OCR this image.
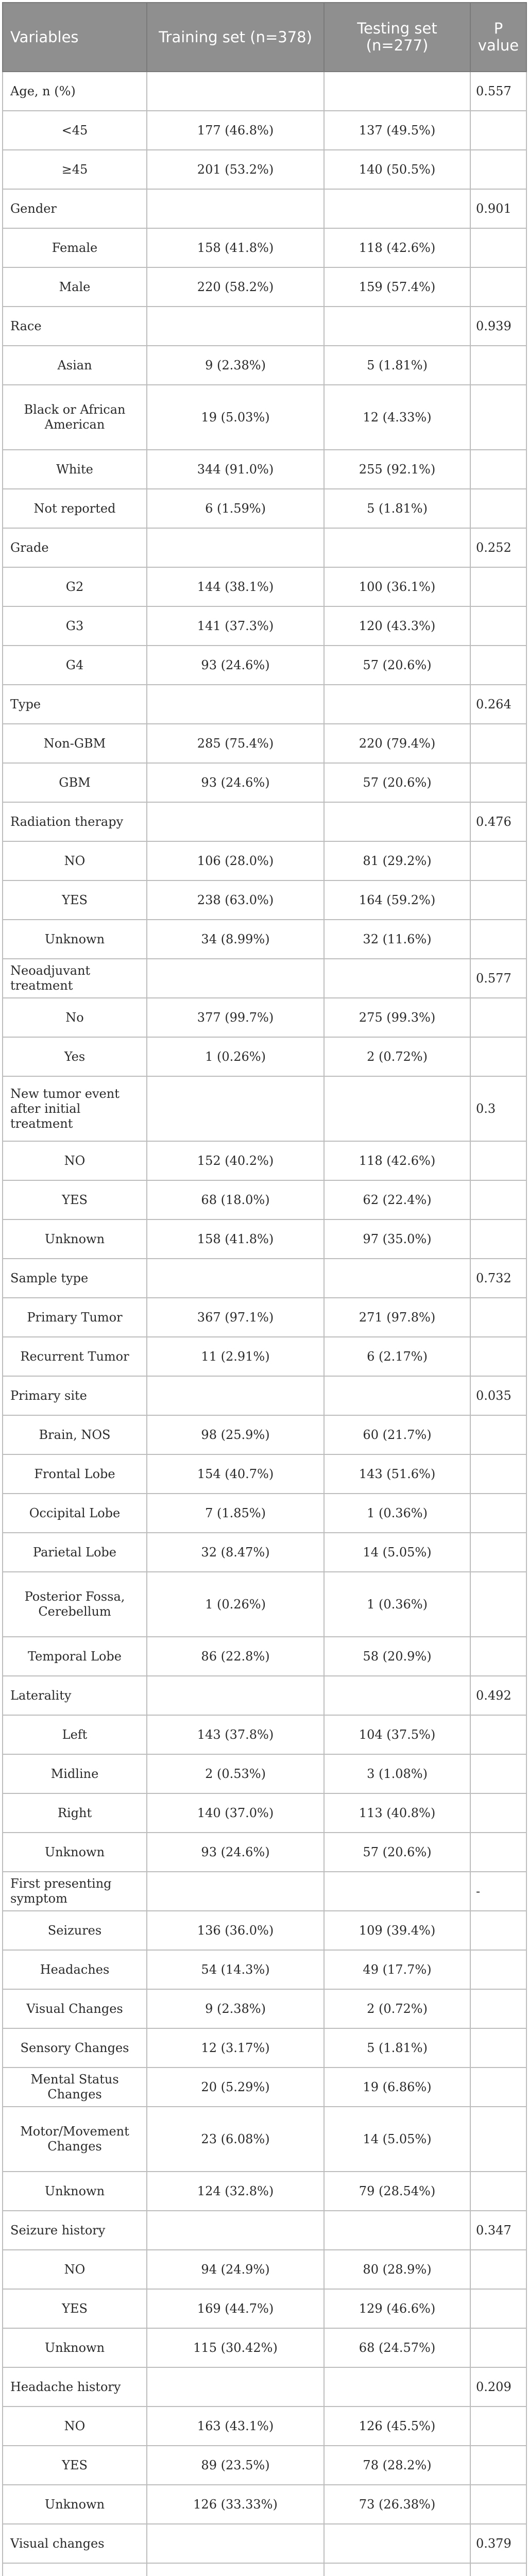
Variables	Training set (n=378)	Testing set (n=277)	P value
Age, n (%)			0.557
<45	177 (46.8%)	137 (49.5%)	
≥45	201 (53.2%)	140 (50.5%)	
Gender			0.901
Female	158 (41.8%)	118 (42.6%)	
Male	220 (58.2%)	159 (57.4%)	
Race			0.939
Asian	9 (2.38%)	5 (1.81%)	
Black or African American	19 (5.03%)	12 (4.33%)	
White	344 (91.0%)	255 (92.1%)	
Not reported	6 (1.59%)	5 (1.81%)	
Grade			0.252
G2	144 (38.1%)	100 (36.1%)	
G3	141 (37.3%)	120 (43.3%)	
G4	93 (24.6%)	57 (20.6%)	
Type			0.264
Non-GBM	285 (75.4%)	220 (79.4%)	
GBM	93 (24.6%)	57 (20.6%)	
Radiation therapy			0.476
NO	106 (28.0%)	81 (29.2%)	
YES	238 (63.0%)	164 (59.2%)	
Unknown	34 (8.99%)	32 (11.6%)	
Neoadjuvant treatment			0.577
No	377 (99.7%)	275 (99.3%)	
Yes	1 (0.26%)	2 (0.72%)	
New tumor event after initial treatment			0.3
NO	152 (40.2%)	118 (42.6%)	
YES	68 (18.0%)	62 (22.4%)	
Unknown	158 (41.8%)	97 (35.0%)	
Sample type			0.732
Primary Tumor	367 (97.1%)	271 (97.8%)	
Recurrent Tumor	11 (2.91%)	6 (2.17%)	
Primary site			0.035
Brain, NOS	98 (25.9%)	60 (21.7%)	
Frontal Lobe	154 (40.7%)	143 (51.6%)	
Occipital Lobe	7 (1.85%)	1 (0.36%)	
Parietal Lobe	32 (8.47%)	14 (5.05%)	
Posterior Fossa, Cerebellum	1 (0.26%)	1 (0.36%)	
Temporal Lobe	86 (22.8%)	58 (20.9%)	
Laterality			0.492
Left	143 (37.8%)	104 (37.5%)	
Midline	2 (0.53%)	3 (1.08%)	
Right	140 (37.0%)	113 (40.8%)	
Unknown	93 (24.6%)	57 (20.6%)	
First presenting symptom			-
Seizures	136 (36.0%)	109 (39.4%)	
Headaches	54 (14.3%)	49 (17.7%)	
Visual Changes	9 (2.38%)	2 (0.72%)	
Sensory Changes	12 (3.17%)	5 (1.81%)	
Mental Status Changes	20 (5.29%)	19 (6.86%)	
Motor/Movement Changes	23 (6.08%)	14 (5.05%)	
Unknown	124 (32.8%)	79 (28.54%)	
Seizure history			0.347
NO	94 (24.9%)	80 (28.9%)	
YES	169 (44.7%)	129 (46.6%)	
Unknown	115 (30.42%)	68 (24.57%)	
Headache history			0.209
NO	163 (43.1%)	126 (45.5%)	
YES	89 (23.5%)	78 (28.2%)	
Unknown	126 (33.33%)	73 (26.38%)	
Visual changes			0.379
